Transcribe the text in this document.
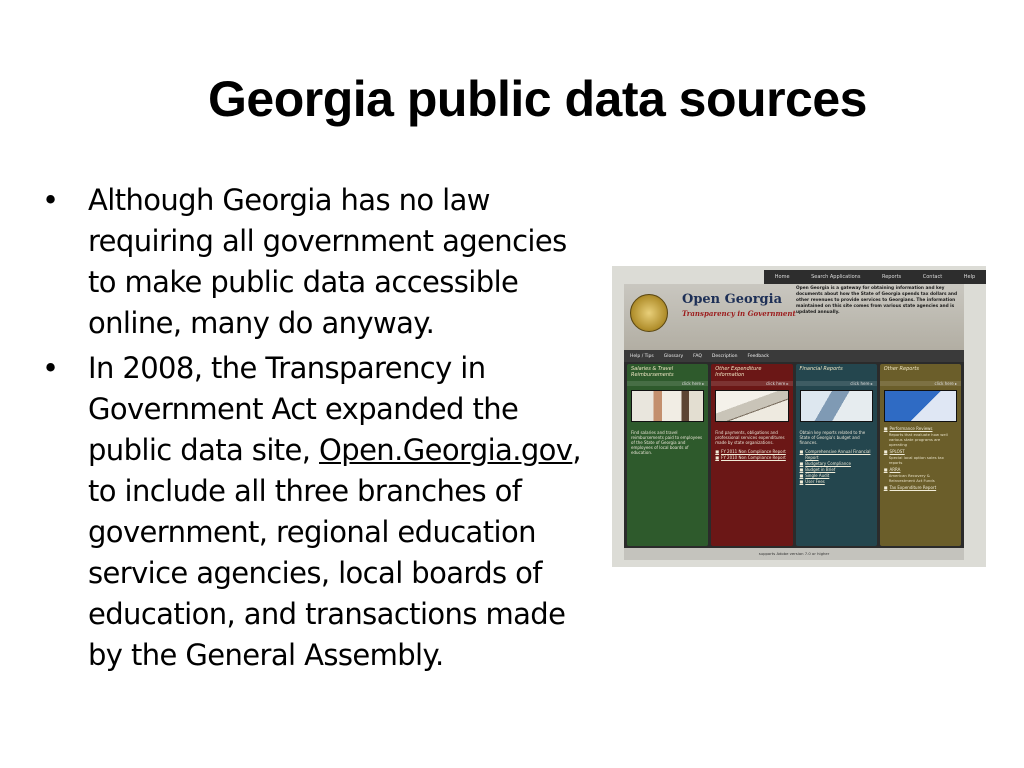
Georgia public data sources
• Although Georgia has no law requiring all government agencies to make public data accessible online, many do anyway.
• In 2008, the Transparency in Government Act expanded the public data site, Open.Georgia.gov, to include all three branches of government, regional education service agencies, local boards of education, and transactions made by the General Assembly.
Home	Search Applications	Reports	Contact	Help
Open Georgia
Transparency in Government
Open Georgia is a gateway for obtaining information and key documents about how the State of Georgia spends tax dollars and other revenues to provide services to Georgians. The information maintained on this site comes from various state agencies and is updated annually.
Help / Tips Glossary FAQ Description Feedback
Salaries & Travel Reimbursements
click here ▸
Find salaries and travel reimbursements paid to employees of the State of Georgia and employees of local boards of education.
Other Expenditure Information
click here ▸
Find payments, obligations and professional services expenditures made by state organizations.
■ FY 2011 Non Compliance Report
■ FY 2010 Non Compliance Report
Financial Reports
click here ▸
Obtain key reports related to the State of Georgia's budget and finances.
■ Comprehensive Annual Financial Report
■ Budgetary Compliance
■ Budget in Brief
■ Single Audit
■ User Fees
Other Reports
click here ▸
■ Performance Reviews
Reports that evaluate how well various state programs are operating
■ SPLOST
Special local option sales tax reports
■ ARRA
American Recovery & Reinvestment Act Funds
■ Tax Expenditure Report
supports Adobe version 7.0 or higher
